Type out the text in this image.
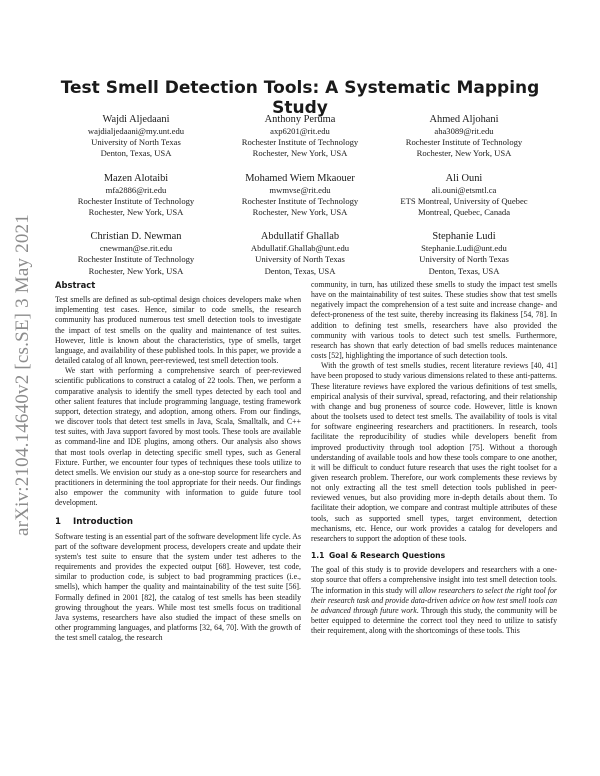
arXiv:2104.14640v2 [cs.SE] 3 May 2021
Test Smell Detection Tools: A Systematic Mapping Study
Wajdi Aljedaani
wajdialjedaani@my.unt.edu
University of North Texas
Denton, Texas, USA
Anthony Peruma
axp6201@rit.edu
Rochester Institute of Technology
Rochester, New York, USA
Ahmed Aljohani
aha3089@rit.edu
Rochester Institute of Technology
Rochester, New York, USA
Mazen Alotaibi
mfa2886@rit.edu
Rochester Institute of Technology
Rochester, New York, USA
Mohamed Wiem Mkaouer
mwmvse@rit.edu
Rochester Institute of Technology
Rochester, New York, USA
Ali Ouni
ali.ouni@etsmtl.ca
ETS Montreal, University of Quebec
Montreal, Quebec, Canada
Christian D. Newman
cnewman@se.rit.edu
Rochester Institute of Technology
Rochester, New York, USA
Abdullatif Ghallab
Abdullatif.Ghallab@unt.edu
University of North Texas
Denton, Texas, USA
Stephanie Ludi
Stephanie.Ludi@unt.edu
University of North Texas
Denton, Texas, USA
Abstract

Test smells are defined as sub-optimal design choices developers make when implementing test cases. Hence, similar to code smells, the research community has produced numerous test smell detection tools to investigate the impact of test smells on the quality and maintenance of test suites. However, little is known about the characteristics, type of smells, target language, and availability of these published tools. In this paper, we provide a detailed catalog of all known, peer-reviewed, test smell detection tools.

We start with performing a comprehensive search of peer-reviewed scientific publications to construct a catalog of 22 tools. Then, we perform a comparative analysis to identify the smell types detected by each tool and other salient features that include programming language, testing framework support, detection strategy, and adoption, among others. From our findings, we discover tools that detect test smells in Java, Scala, Smalltalk, and C++ test suites, with Java support favored by most tools. These tools are available as command-line and IDE plugins, among others. Our analysis also shows that most tools overlap in detecting specific smell types, such as General Fixture. Further, we encounter four types of techniques these tools utilize to detect smells. We envision our study as a one-stop source for researchers and practitioners in determining the tool appropriate for their needs. Our findings also empower the community with information to guide future tool development.

1 Introduction

Software testing is an essential part of the software development life cycle. As part of the software development process, developers create and update their system's test suite to ensure that the system under test adheres to the requirements and provides the expected output [68]. However, test code, similar to production code, is subject to bad programming practices (i.e., smells), which hamper the quality and maintainability of the test suite [56]. Formally defined in 2001 [82], the catalog of test smells has been steadily growing throughout the years. While most test smells focus on traditional Java systems, researchers have also studied the impact of these smells on other programming languages, and platforms [32, 64, 70]. With the growth of the test smell catalog, the research

community, in turn, has utilized these smells to study the impact test smells have on the maintainability of test suites. These studies show that test smells negatively impact the comprehension of a test suite and increase change- and defect-proneness of the test suite, thereby increasing its flakiness [54, 78]. In addition to defining test smells, researchers have also provided the community with various tools to detect such test smells. Furthermore, research has shown that early detection of bad smells reduces maintenance costs [52], highlighting the importance of such detection tools.

With the growth of test smells studies, recent literature reviews [40, 41] have been proposed to study various dimensions related to these anti-patterns. These literature reviews have explored the various definitions of test smells, empirical analysis of their survival, spread, refactoring, and their relationship with change and bug proneness of source code. However, little is known about the toolsets used to detect test smells. The availability of tools is vital for software engineering researchers and practitioners. In research, tools facilitate the reproducibility of studies while developers benefit from improved productivity through tool adoption [75]. Without a thorough understanding of available tools and how these tools compare to one another, it will be difficult to conduct future research that uses the right toolset for a given research problem. Therefore, our work complements these reviews by not only extracting all the test smell detection tools published in peer-reviewed venues, but also providing more in-depth details about them. To facilitate their adoption, we compare and contrast multiple attributes of these tools, such as supported smell types, target environment, detection mechanisms, etc. Hence, our work provides a catalog for developers and researchers to support the adoption of these tools.

1.1 Goal & Research Questions

The goal of this study is to provide developers and researchers with a one-stop source that offers a comprehensive insight into test smell detection tools. The information in this study will allow researchers to select the right tool for their research task and provide data-driven advice on how test smell tools can be advanced through future work. Through this study, the community will be better equipped to determine the correct tool they need to utilize to satisfy their requirement, along with the shortcomings of these tools. This
